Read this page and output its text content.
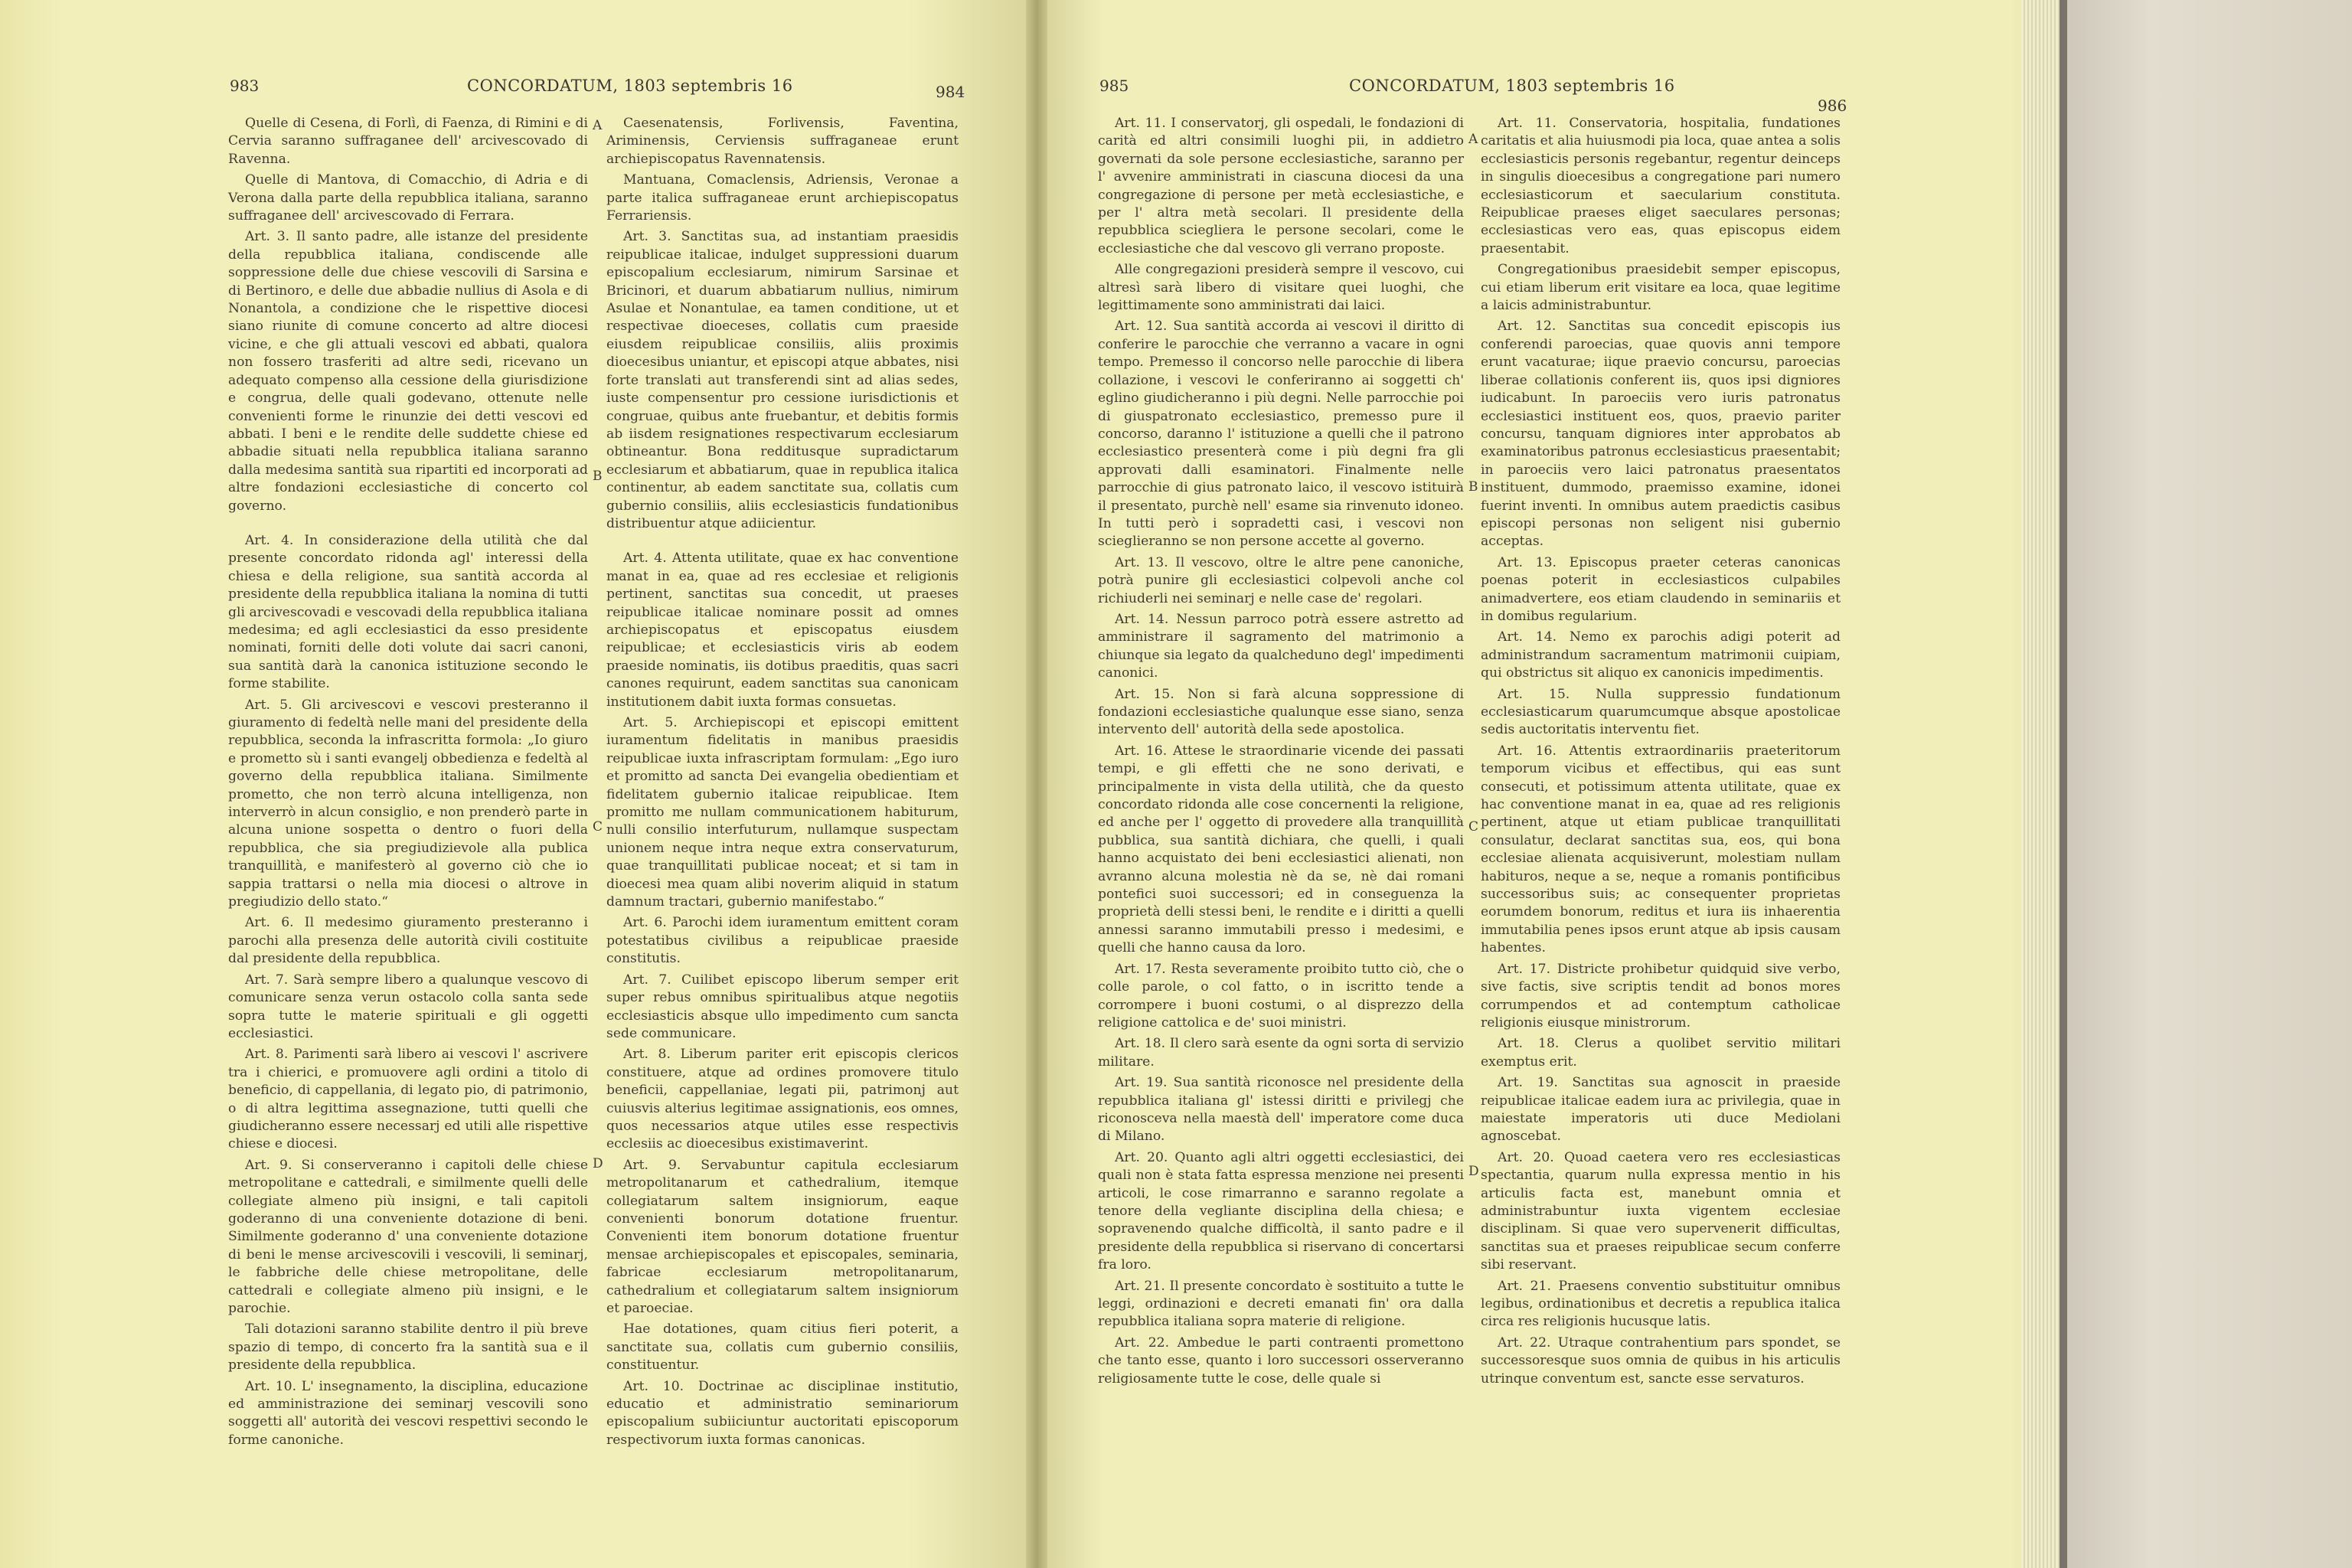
983	CONCORDATUM, 1803 septembris 16	984

Quelle di Cesena, di Forlì, di Faenza, di Rimini e di Cervia saranno suffraganee dell' arcivescovado di Ravenna.

Quelle di Mantova, di Comacchio, di Adria e di Verona dalla parte della repubblica italiana, saranno suffraganee dell' arcivescovado di Ferrara.

Art. 3. Il santo padre, alle istanze del presidente della repubblica italiana, condiscende alle soppressione delle due chiese vescovili di Sarsina e di Bertinoro, e delle due abbadie nullius di Asola e di Nonantola, a condizione che le rispettive diocesi siano riunite di comune concerto ad altre diocesi vicine, e che gli attuali vescovi ed abbati, qualora non fossero trasferiti ad altre sedi, ricevano un adequato compenso alla cessione della giurisdizione e congrua, delle quali godevano, ottenute nelle convenienti forme le rinunzie dei detti vescovi ed abbati. I beni e le rendite delle suddette chiese ed abbadie situati nella repubblica italiana saranno dalla medesima santità sua ripartiti ed incorporati ad altre fondazioni ecclesiastiche di concerto col governo.

Art. 4. In considerazione della utilità che dal presente concordato ridonda agl' interessi della chiesa e della religione, sua santità accorda al presidente della repubblica italiana la nomina di tutti gli arcivescovadi e vescovadi della repubblica italiana medesima; ed agli ecclesiastici da esso presidente nominati, forniti delle doti volute dai sacri canoni, sua santità darà la canonica istituzione secondo le forme stabilite.

Art. 5. Gli arcivescovi e vescovi presteranno il giuramento di fedeltà nelle mani del presidente della repubblica, seconda la infrascritta formola: „Io giuro e prometto sù i santi evangelj obbedienza e fedeltà al governo della repubblica italiana. Similmente prometto, che non terrò alcuna intelligenza, non interverrò in alcun consiglio, e non prenderò parte in alcuna unione sospetta o dentro o fuori della repubblica, che sia pregiudizievole alla publica tranquillità, e manifesterò al governo ciò che io sappia trattarsi o nella mia diocesi o altrove in pregiudizio dello stato.“

Art. 6. Il medesimo giuramento presteranno i parochi alla presenza delle autorità civili costituite dal presidente della repubblica.

Art. 7. Sarà sempre libero a qualunque vescovo di comunicare senza verun ostacolo colla santa sede sopra tutte le materie spirituali e gli oggetti ecclesiastici.

Art. 8. Parimenti sarà libero ai vescovi l' ascrivere tra i chierici, e promuovere agli ordini a titolo di beneficio, di cappellania, di legato pio, di patrimonio, o di altra legittima assegnazione, tutti quelli che giudicheranno essere necessarj ed utili alle rispettive chiese e diocesi.

Art. 9. Si conserveranno i capitoli delle chiese metropolitane e cattedrali, e similmente quelli delle collegiate almeno più insigni, e tali capitoli goderanno di una conveniente dotazione di beni. Similmente goderanno d' una conveniente dotazione di beni le mense arcivescovili i vescovili, li seminarj, le fabbriche delle chiese metropolitane, delle cattedrali e collegiate almeno più insigni, e le parochie.

Tali dotazioni saranno stabilite dentro il più breve spazio di tempo, di concerto fra la santità sua e il presidente della repubblica.

Art. 10. L' insegnamento, la disciplina, educazione ed amministrazione dei seminarj vescovili sono soggetti all' autorità dei vescovi respettivi secondo le forme canoniche.

Caesenatensis, Forlivensis, Faventina, Ariminensis, Cerviensis suffraganeae erunt archiepiscopatus Ravennatensis.

Mantuana, Comaclensis, Adriensis, Veronae a parte italica suffraganeae erunt archiepiscopatus Ferrariensis.

Art. 3. Sanctitas sua, ad instantiam praesidis reipublicae italicae, indulget suppressioni duarum episcopalium ecclesiarum, nimirum Sarsinae et Bricinori, et duarum abbatiarum nullius, nimirum Asulae et Nonantulae, ea tamen conditione, ut et respectivae dioeceses, collatis cum praeside eiusdem reipublicae consiliis, aliis proximis dioecesibus uniantur, et episcopi atque abbates, nisi forte translati aut transferendi sint ad alias sedes, iuste compensentur pro cessione iurisdictionis et congruae, quibus ante fruebantur, et debitis formis ab iisdem resignationes respectivarum ecclesiarum obtineantur. Bona redditusque supradictarum ecclesiarum et abbatiarum, quae in republica italica continentur, ab eadem sanctitate sua, collatis cum gubernio consiliis, aliis ecclesiasticis fundationibus distribuentur atque adiicientur.

Art. 4. Attenta utilitate, quae ex hac conventione manat in ea, quae ad res ecclesiae et religionis pertinent, sanctitas sua concedit, ut praeses reipublicae italicae nominare possit ad omnes archiepiscopatus et episcopatus eiusdem reipublicae; et ecclesiasticis viris ab eodem praeside nominatis, iis dotibus praeditis, quas sacri canones requirunt, eadem sanctitas sua canonicam institutionem dabit iuxta formas consuetas.

Art. 5. Archiepiscopi et episcopi emittent iuramentum fidelitatis in manibus praesidis reipublicae iuxta infrascriptam formulam: „Ego iuro et promitto ad sancta Dei evangelia obedientiam et fidelitatem gubernio italicae reipublicae. Item promitto me nullam communicationem habiturum, nulli consilio interfuturum, nullamque suspectam unionem neque intra neque extra conservaturum, quae tranquillitati publicae noceat; et si tam in dioecesi mea quam alibi noverim aliquid in statum damnum tractari, gubernio manifestabo.“

Art. 6. Parochi idem iuramentum emittent coram potestatibus civilibus a reipublicae praeside constitutis.

Art. 7. Cuilibet episcopo liberum semper erit super rebus omnibus spiritualibus atque negotiis ecclesiasticis absque ullo impedimento cum sancta sede communicare.

Art. 8. Liberum pariter erit episcopis clericos constituere, atque ad ordines promovere titulo beneficii, cappellaniae, legati pii, patrimonj aut cuiusvis alterius legitimae assignationis, eos omnes, quos necessarios atque utiles esse respectivis ecclesiis ac dioecesibus existimaverint.

Art. 9. Servabuntur capitula ecclesiarum metropolitanarum et cathedralium, itemque collegiatarum saltem insigniorum, eaque convenienti bonorum dotatione fruentur. Convenienti item bonorum dotatione fruentur mensae archiepiscopales et episcopales, seminaria, fabricae ecclesiarum metropolitanarum, cathedralium et collegiatarum saltem insigniorum et paroeciae.

Hae dotationes, quam citius fieri poterit, a sanctitate sua, collatis cum gubernio consiliis, constituentur.

Art. 10. Doctrinae ac disciplinae institutio, educatio et administratio seminariorum episcopalium subiiciuntur auctoritati episcoporum respectivorum iuxta formas canonicas.

A
B
C
D
985	CONCORDATUM, 1803 septembris 16
986

Art. 11. I conservatorj, gli ospedali, le fondazioni di carità ed altri consimili luoghi pii, in addietro governati da sole persone ecclesiastiche, saranno per l' avvenire amministrati in ciascuna diocesi da una congregazione di persone per metà ecclesiastiche, e per l' altra metà secolari. Il presidente della repubblica sciegliera le persone secolari, come le ecclesiastiche che dal vescovo gli verrano proposte.

Alle congregazioni presiderà sempre il vescovo, cui altresì sarà libero di visitare quei luoghi, che legittimamente sono amministrati dai laici.

Art. 12. Sua santità accorda ai vescovi il diritto di conferire le parocchie che verranno a vacare in ogni tempo. Premesso il concorso nelle parocchie di libera collazione, i vescovi le conferiranno ai soggetti ch' eglino giudicheranno i più degni. Nelle parrocchie poi di giuspatronato ecclesiastico, premesso pure il concorso, daranno l' istituzione a quelli che il patrono ecclesiastico presenterà come i più degni fra gli approvati dalli esaminatori. Finalmente nelle parrocchie di gius patronato laico, il vescovo istituirà il presentato, purchè nell' esame sia rinvenuto idoneo. In tutti però i sopradetti casi, i vescovi non scieglieranno se non persone accette al governo.

Art. 13. Il vescovo, oltre le altre pene canoniche, potrà punire gli ecclesiastici colpevoli anche col richiuderli nei seminarj e nelle case de' regolari.

Art. 14. Nessun parroco potrà essere astretto ad amministrare il sagramento del matrimonio a chiunque sia legato da qualcheduno degl' impedimenti canonici.

Art. 15. Non si farà alcuna soppressione di fondazioni ecclesiastiche qualunque esse siano, senza intervento dell' autorità della sede apostolica.

Art. 16. Attese le straordinarie vicende dei passati tempi, e gli effetti che ne sono derivati, e principalmente in vista della utilità, che da questo concordato ridonda alle cose concernenti la religione, ed anche per l' oggetto di provedere alla tranquillità pubblica, sua santità dichiara, che quelli, i quali hanno acquistato dei beni ecclesiastici alienati, non avranno alcuna molestia nè da se, nè dai romani pontefici suoi successori; ed in conseguenza la proprietà delli stessi beni, le rendite e i diritti a quelli annessi saranno immutabili presso i medesimi, e quelli che hanno causa da loro.

Art. 17. Resta severamente proibito tutto ciò, che o colle parole, o col fatto, o in iscritto tende a corrompere i buoni costumi, o al disprezzo della religione cattolica e de' suoi ministri.

Art. 18. Il clero sarà esente da ogni sorta di servizio militare.

Art. 19. Sua santità riconosce nel presidente della repubblica italiana gl' istessi diritti e privilegj che riconosceva nella maestà dell' imperatore come duca di Milano.

Art. 20. Quanto agli altri oggetti ecclesiastici, dei quali non è stata fatta espressa menzione nei presenti articoli, le cose rimarranno e saranno regolate a tenore della vegliante disciplina della chiesa; e sopravenendo qualche difficoltà, il santo padre e il presidente della repubblica si riservano di concertarsi fra loro.

Art. 21. Il presente concordato è sostituito a tutte le leggi, ordinazioni e decreti emanati fin' ora dalla repubblica italiana sopra materie di religione.

Art. 22. Ambedue le parti contraenti promettono che tanto esse, quanto i loro successori osserveranno religiosamente tutte le cose, delle quale si

Art. 11. Conservatoria, hospitalia, fundationes caritatis et alia huiusmodi pia loca, quae antea a solis ecclesiasticis personis regebantur, regentur deinceps in singulis dioecesibus a congregatione pari numero ecclesiasticorum et saecularium constituta. Reipublicae praeses eliget saeculares personas; ecclesiasticas vero eas, quas episcopus eidem praesentabit.

Congregationibus praesidebit semper episcopus, cui etiam liberum erit visitare ea loca, quae legitime a laicis administrabuntur.

Art. 12. Sanctitas sua concedit episcopis ius conferendi paroecias, quae quovis anni tempore erunt vacaturae; iique praevio concursu, paroecias liberae collationis conferent iis, quos ipsi digniores iudicabunt. In paroeciis vero iuris patronatus ecclesiastici instituent eos, quos, praevio pariter concursu, tanquam digniores inter approbatos ab examinatoribus patronus ecclesiasticus praesentabit; in paroeciis vero laici patronatus praesentatos instituent, dummodo, praemisso examine, idonei fuerint inventi. In omnibus autem praedictis casibus episcopi personas non seligent nisi gubernio acceptas.

Art. 13. Episcopus praeter ceteras canonicas poenas poterit in ecclesiasticos culpabiles animadvertere, eos etiam claudendo in seminariis et in domibus regularium.

Art. 14. Nemo ex parochis adigi poterit ad administrandum sacramentum matrimonii cuipiam, qui obstrictus sit aliquo ex canonicis impedimentis.

Art. 15. Nulla suppressio fundationum ecclesiasticarum quarumcumque absque apostolicae sedis auctoritatis interventu fiet.

Art. 16. Attentis extraordinariis praeteritorum temporum vicibus et effectibus, qui eas sunt consecuti, et potissimum attenta utilitate, quae ex hac conventione manat in ea, quae ad res religionis pertinent, atque ut etiam publicae tranquillitati consulatur, declarat sanctitas sua, eos, qui bona ecclesiae alienata acquisiverunt, molestiam nullam habituros, neque a se, neque a romanis pontificibus successoribus suis; ac consequenter proprietas eorumdem bonorum, reditus et iura iis inhaerentia immutabilia penes ipsos erunt atque ab ipsis causam habentes.

Art. 17. Districte prohibetur quidquid sive verbo, sive factis, sive scriptis tendit ad bonos mores corrumpendos et ad contemptum catholicae religionis eiusque ministrorum.

Art. 18. Clerus a quolibet servitio militari exemptus erit.

Art. 19. Sanctitas sua agnoscit in praeside reipublicae italicae eadem iura ac privilegia, quae in maiestate imperatoris uti duce Mediolani agnoscebat.

Art. 20. Quoad caetera vero res ecclesiasticas spectantia, quarum nulla expressa mentio in his articulis facta est, manebunt omnia et administrabuntur iuxta vigentem ecclesiae disciplinam. Si quae vero supervenerit difficultas, sanctitas sua et praeses reipublicae secum conferre sibi reservant.

Art. 21. Praesens conventio substituitur omnibus legibus, ordinationibus et decretis a republica italica circa res religionis hucusque latis.

Art. 22. Utraque contrahentium pars spondet, se successoresque suos omnia de quibus in his articulis utrinque conventum est, sancte esse servaturos.

A
B
C
D
